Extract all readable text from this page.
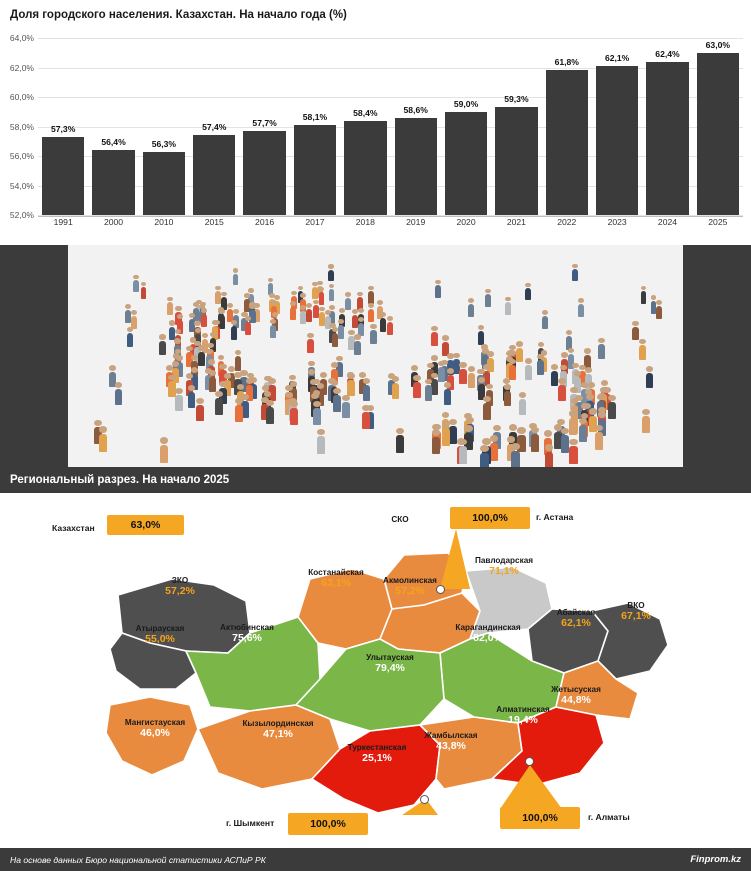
Доля городского населения. Казахстан. На начало года (%)
52,0%
54,0%
56,0%
58,0%
60,0%
62,0%
64,0%
57,3%
56,4%	56,3%
57,4%	57,7%
58,1%	58,4%	58,6%
59,0%	59,3%
61,8%	62,1%	62,4%
63,0%
1991	2000	2010	2015	2016	2017	2018	2019	2020	2021	2022	2023	2024	2025
Региональный разрез. На начало 2025
Казахстан	63,0%	СКО
49,5%
Костанайская
63,1%	Акмолинская
57,2%
Павлодарская
71,1%
ЗКО
57,2%
Актюбинская
75,6%
Атырауская
55,0%
Карагандинская
82,0%
Улытауская
79,4%
Абайская
62,1%
ВКО
67,1%
Мангистауская
46,0%
Кызылординская
47,1%
Туркестанская
25,1%
Жамбылская
43,8%
Алматинская
19,4%
Жетысуская
44,8%
100,0%	г. Астана
100,0%	г. Алматы
100,0%
г. Шымкент
На основе данных Бюро национальной статистики АСПиР РК	Finprom.kz
